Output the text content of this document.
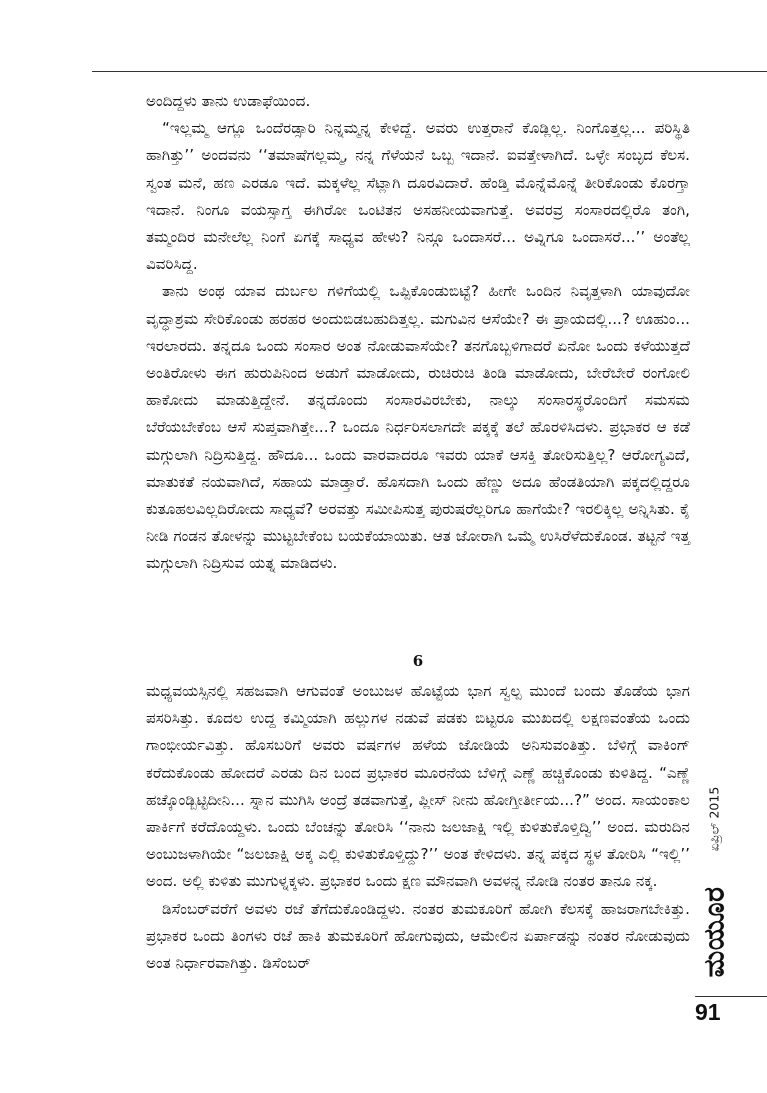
ಅಂದಿದ್ದಳು ತಾನು ಉಡಾಫೆಯಿಂದ.

“ಇಲ್ಲಮ್ಮ ಆಗ್ಲೂ ಒಂದೆರಡ್ಸಾರಿ ನಿನ್ನಮ್ಮನ್ನ ಕೇಳಿದ್ದೆ. ಅವರು ಉತ್ತರಾನೆ ಕೊಡ್ಲಿಲ್ಲ. ನಿಂಗೊತ್ತಲ್ಲ... ಪರಿಸ್ಥಿತಿ ಹಾಗಿತ್ತು’’ ಅಂದವನು ‘‘ತಮಾಷೆಗಲ್ಲಮ್ಮ, ನನ್ನ ಗೆಳೆಯನೆ ಒಬ್ಬ ಇದಾನೆ. ಐವತ್ತೇಳಾಗಿದೆ. ಒಳ್ಳೇ ಸಂಬ್ಳದ ಕೆಲಸ. ಸ್ವಂತ ಮನೆ, ಹಣ ಎರಡೂ ಇದೆ. ಮಕ್ಕಳೆಲ್ಲ ಸೆಟ್ಲಾಗಿ ದೂರವಿದಾರೆ. ಹೆಂಡ್ತಿ ಮೊನ್ನೆಮೊನ್ನೆ ತೀರಿಕೊಂಡು ಕೊರಗ್ತಾ ಇದಾನೆ. ನಿಂಗೂ ವಯಸ್ಸಾಗ್ತ ಈಗಿರೋ ಒಂಟಿತನ ಅಸಹನೀಯವಾಗುತ್ತೆ. ಅವರವ್ರ ಸಂಸಾರದಲ್ಲಿರೊ ತಂಗಿ, ತಮ್ಮಂದಿರ ಮನೇಲೆಲ್ಲ ನಿಂಗೆ ಏಗಕ್ಕೆ ಸಾಧ್ಯವ ಹೇಳು? ನಿನ್ಗೂ ಒಂದಾಸರೆ... ಅವ್ನಿಗೂ ಒಂದಾಸರೆ...’’ ಅಂತೆಲ್ಲ ವಿವರಿಸಿದ್ದ.

ತಾನು ಅಂಥ ಯಾವ ದುರ್ಬಲ ಗಳಿಗೆಯಲ್ಲಿ ಒಪ್ಪಿಕೊಂಡುಬಿಟ್ಟೆ? ಹೀಗೇ ಒಂದಿನ ನಿವೃತ್ತಳಾಗಿ ಯಾವುದೋ ವೃದ್ಧಾಶ್ರಮ ಸೇರಿಕೊಂಡು ಹರಹರ ಅಂದುಬಿಡಬಹುದಿತ್ತಲ್ಲ. ಮಗುವಿನ ಆಸೆಯೇ? ಈ ಪ್ರಾಯದಲ್ಲಿ...? ಊಹುಂ... ಇರಲಾರದು. ತನ್ನದೂ ಒಂದು ಸಂಸಾರ ಅಂತ ನೋಡುವಾಸೆಯೇ? ತನಗೊಬ್ಬಳಿಗಾದರೆ ಏನೋ ಒಂದು ಕಳೆಯುತ್ತದೆ ಅಂತಿರೋಳು ಈಗ ಹುರುಪಿನಿಂದ ಅಡುಗೆ ಮಾಡೋದು, ರುಚಿರುಚಿ ತಿಂಡಿ ಮಾಡೋದು, ಬೇರೆಬೇರೆ ರಂಗೋಲಿ ಹಾಕೋದು ಮಾಡುತ್ತಿದ್ದೇನೆ. ತನ್ನದೊಂದು ಸಂಸಾರವಿರಬೇಕು, ನಾಲ್ಕು ಸಂಸಾರಸ್ಥರೊಂದಿಗೆ ಸಮಸಮ ಬೆರೆಯಬೇಕೆಂಬ ಆಸೆ ಸುಪ್ತವಾಗಿತ್ತೇ...? ಒಂದೂ ನಿರ್ಧರಿಸಲಾಗದೇ ಪಕ್ಕಕ್ಕೆ ತಲೆ ಹೊರಳಿಸಿದಳು. ಪ್ರಭಾಕರ ಆ ಕಡೆ ಮಗ್ಗುಲಾಗಿ ನಿದ್ರಿಸುತ್ತಿದ್ದ. ಹೌದೂ... ಒಂದು ವಾರವಾದರೂ ಇವರು ಯಾಕೆ ಆಸಕ್ತಿ ತೋರಿಸುತ್ತಿಲ್ಲ? ಆರೋಗ್ಯವಿದೆ, ಮಾತುಕತೆ ನಯವಾಗಿದೆ, ಸಹಾಯ ಮಾಡ್ತಾರೆ. ಹೊಸದಾಗಿ ಒಂದು ಹೆಣ್ಣು ಅದೂ ಹೆಂಡತಿಯಾಗಿ ಪಕ್ಕದಲ್ಲಿದ್ದರೂ ಕುತೂಹಲವಿಲ್ಲದಿರೋದು ಸಾಧ್ಯವೆ? ಅರವತ್ತು ಸಮೀಪಿಸುತ್ತ ಪುರುಷರೆಲ್ಲರಿಗೂ ಹಾಗೆಯೇ? ಇರಲಿಕ್ಕಿಲ್ಲ ಅನ್ನಿಸಿತು. ಕೈ ನೀಡಿ ಗಂಡನ ತೋಳನ್ನು ಮುಟ್ಟಬೇಕೆಂಬ ಬಯಕೆಯಾಯಿತು. ಆತ ಜೋರಾಗಿ ಒಮ್ಮೆ ಉಸಿರೆಳೆದುಕೊಂಡ. ತಟ್ಟನೆ ಇತ್ತ ಮಗ್ಗುಲಾಗಿ ನಿದ್ರಿಸುವ ಯತ್ನ ಮಾಡಿದಳು.

6

ಮಧ್ಯವಯಸ್ಸಿನಲ್ಲಿ ಸಹಜವಾಗಿ ಆಗುವಂತೆ ಅಂಬುಜಳ ಹೊಟ್ಟೆಯ ಭಾಗ ಸ್ವಲ್ಪ ಮುಂದೆ ಬಂದು ತೊಡೆಯ ಭಾಗ ಪಸರಿಸಿತ್ತು. ಕೂದಲ ಉದ್ದ ಕಮ್ಮಿಯಾಗಿ ಹಲ್ಲುಗಳ ನಡುವೆ ಪಡಕು ಬಿಟ್ಟರೂ ಮುಖದಲ್ಲಿ ಲಕ್ಷಣವಂತೆಯ ಒಂದು ಗಾಂಭೀರ್ಯವಿತ್ತು. ಹೊಸಬರಿಗೆ ಅವರು ವರ್ಷಗಳ ಹಳೆಯ ಜೋಡಿಯೆ ಅನಿಸುವಂತಿತ್ತು. ಬೆಳಿಗ್ಗೆ ವಾಕಿಂಗ್ ಕರೆದುಕೊಂಡು ಹೋದರೆ ಎರಡು ದಿನ ಬಂದ ಪ್ರಭಾಕರ ಮೂರನೆಯ ಬೆಳಿಗ್ಗೆ ಎಣ್ಣೆ ಹಚ್ಚಿಕೊಂಡು ಕುಳಿತಿದ್ದ. “ಎಣ್ಣೆ ಹಚ್ಕೊಂಡ್ಬಿಟ್ಟಿದೀನಿ... ಸ್ನಾನ ಮುಗಿಸಿ ಅಂದ್ರೆ ತಡವಾಗುತ್ತೆ, ಪ್ಲೀಸ್ ನೀನು ಹೋಗ್ತೀರ್ತೀಯ...?” ಅಂದ. ಸಾಯಂಕಾಲ ಪಾರ್ಕಿಗೆ ಕರೆದೊಯ್ದಳು. ಒಂದು ಬೆಂಚನ್ನು ತೋರಿಸಿ ‘‘ನಾನು ಜಲಜಾಕ್ಷಿ ಇಲ್ಲಿ ಕುಳಿತುಕೊಳ್ತಿದ್ವಿ’’ ಅಂದ. ಮರುದಿನ ಅಂಬುಜಳಾಗಿಯೇ “ಜಲಜಾಕ್ಷಿ ಅಕ್ಕ ಎಲ್ಲಿ ಕುಳಿತುಕೊಳ್ತಿದ್ದು?’’ ಅಂತ ಕೇಳಿದಳು. ತನ್ನ ಪಕ್ಕದ ಸ್ಥಳ ತೋರಿಸಿ “ಇಲ್ಲಿ’’ ಅಂದ. ಅಲ್ಲಿ ಕುಳಿತು ಮುಗುಳ್ನಕ್ಕಳು. ಪ್ರಭಾಕರ ಒಂದು ಕ್ಷಣ ಮೌನವಾಗಿ ಅವಳನ್ನ ನೋಡಿ ನಂತರ ತಾನೂ ನಕ್ಕ.

ಡಿಸೆಂಬರ್‌ವರೆಗೆ ಅವಳು ರಜೆ ತೆಗೆದುಕೊಂಡಿದ್ದಳು. ನಂತರ ತುಮಕೂರಿಗೆ ಹೋಗಿ ಕೆಲಸಕ್ಕೆ ಹಾಜರಾಗಬೇಕಿತ್ತು. ಪ್ರಭಾಕರ ಒಂದು ತಿಂಗಳು ರಜೆ ಹಾಕಿ ತುಮಕೂರಿಗೆ ಹೋಗುವುದು, ಆಮೇಲಿನ ಏರ್ಪಾಡನ್ನು ನಂತರ ನೋಡುವುದು ಅಂತ ನಿರ್ಧಾರವಾಗಿತ್ತು. ಡಿಸೆಂಬರ್

ಏಪ್ರಿಲ್ 2015
ಮಯೂರ
91
